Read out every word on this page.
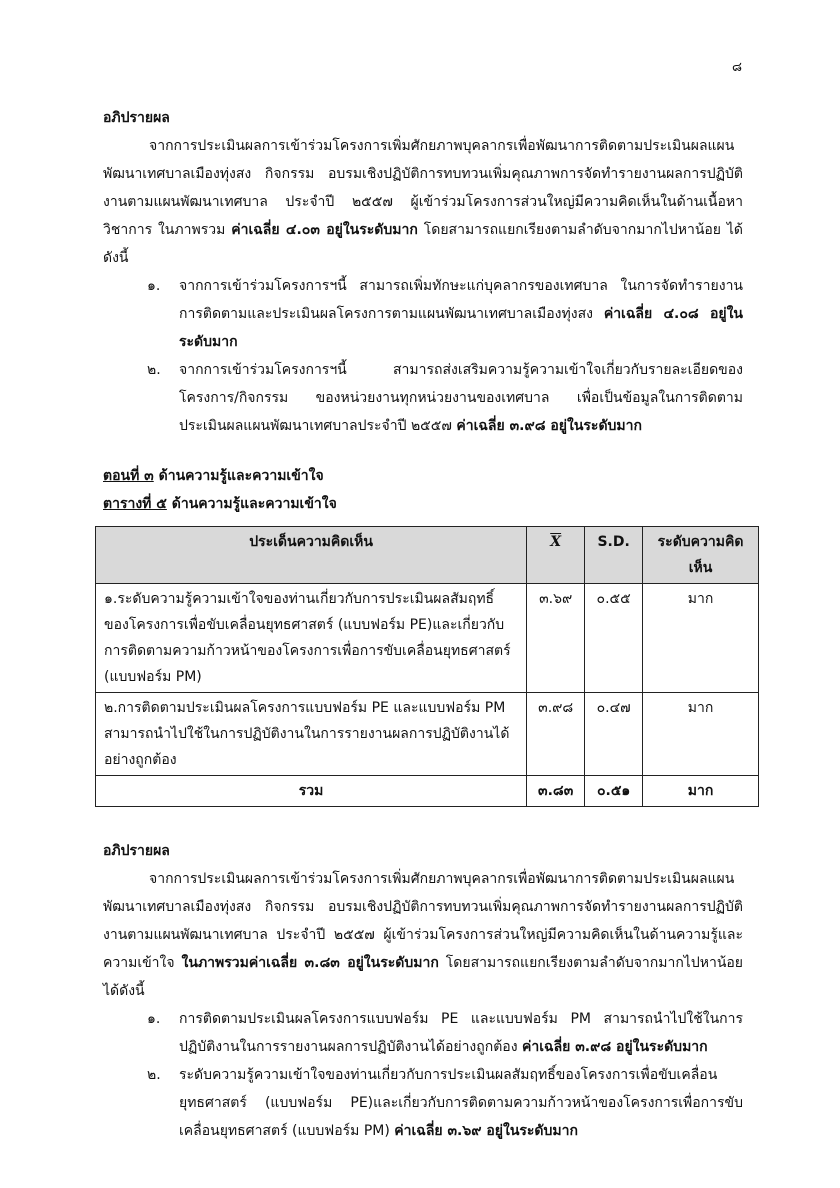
๘

อภิปรายผล

จากการประเมินผลการเข้าร่วมโครงการเพิ่มศักยภาพบุคลากรเพื่อพัฒนาการติดตามประเมินผลแผนพัฒนาเทศบาลเมืองทุ่งสง กิจกรรม อบรมเชิงปฏิบัติการทบทวนเพิ่มคุณภาพการจัดทำรายงานผลการปฏิบัติงานตามแผนพัฒนาเทศบาล ประจำปี ๒๕๕๗ ผู้เข้าร่วมโครงการส่วนใหญ่มีความคิดเห็นในด้านเนื้อหาวิชาการ ในภาพรวม ค่าเฉลี่ย ๔.๐๓ อยู่ในระดับมาก โดยสามารถแยกเรียงตามลำดับจากมากไปหาน้อย ได้ดังนี้

๑. จากการเข้าร่วมโครงการฯนี้ สามารถเพิ่มทักษะแก่บุคลากรของเทศบาล ในการจัดทำรายงานการติดตามและประเมินผลโครงการตามแผนพัฒนาเทศบาลเมืองทุ่งสง ค่าเฉลี่ย ๔.๐๘ อยู่ในระดับมาก
๒. จากการเข้าร่วมโครงการฯนี้ สามารถส่งเสริมความรู้ความเข้าใจเกี่ยวกับรายละเอียดของโครงการ/กิจกรรม ของหน่วยงานทุกหน่วยงานของเทศบาล เพื่อเป็นข้อมูลในการติดตามประเมินผลแผนพัฒนาเทศบาลประจำปี ๒๕๕๗ ค่าเฉลี่ย ๓.๙๘ อยู่ในระดับมาก

ตอนที่ ๓ ด้านความรู้และความเข้าใจ

ตารางที่ ๕ ด้านความรู้และความเข้าใจ

ประเด็นความคิดเห็น	$\overline{X}$	S.D.	ระดับความคิดเห็น
๑.ระดับความรู้ความเข้าใจของท่านเกี่ยวกับการประเมินผลสัมฤทธิ์ของโครงการเพื่อขับเคลื่อนยุทธศาสตร์ (แบบฟอร์ม PE)และเกี่ยวกับการติดตามความก้าวหน้าของโครงการเพื่อการขับเคลื่อนยุทธศาสตร์ (แบบฟอร์ม PM)	๓.๖๙	๐.๕๕	มาก
๒.การติดตามประเมินผลโครงการแบบฟอร์ม PE และแบบฟอร์ม PM สามารถนำไปใช้ในการปฏิบัติงานในการรายงานผลการปฏิบัติงานได้อย่างถูกต้อง	๓.๙๘	๐.๔๗	มาก
รวม	๓.๘๓	๐.๕๑	มาก

อภิปรายผล

จากการประเมินผลการเข้าร่วมโครงการเพิ่มศักยภาพบุคลากรเพื่อพัฒนาการติดตามประเมินผลแผนพัฒนาเทศบาลเมืองทุ่งสง กิจกรรม อบรมเชิงปฏิบัติการทบทวนเพิ่มคุณภาพการจัดทำรายงานผลการปฏิบัติงานตามแผนพัฒนาเทศบาล ประจำปี ๒๕๕๗ ผู้เข้าร่วมโครงการส่วนใหญ่มีความคิดเห็นในด้านความรู้และความเข้าใจ ในภาพรวมค่าเฉลี่ย ๓.๘๓ อยู่ในระดับมาก โดยสามารถแยกเรียงตามลำดับจากมากไปหาน้อยได้ดังนี้

๑. การติดตามประเมินผลโครงการแบบฟอร์ม PE และแบบฟอร์ม PM สามารถนำไปใช้ในการปฏิบัติงานในการรายงานผลการปฏิบัติงานได้อย่างถูกต้อง ค่าเฉลี่ย ๓.๙๘ อยู่ในระดับมาก
๒. ระดับความรู้ความเข้าใจของท่านเกี่ยวกับการประเมินผลสัมฤทธิ์ของโครงการเพื่อขับเคลื่อนยุทธศาสตร์ (แบบฟอร์ม PE)และเกี่ยวกับการติดตามความก้าวหน้าของโครงการเพื่อการขับเคลื่อนยุทธศาสตร์ (แบบฟอร์ม PM) ค่าเฉลี่ย ๓.๖๙ อยู่ในระดับมาก
